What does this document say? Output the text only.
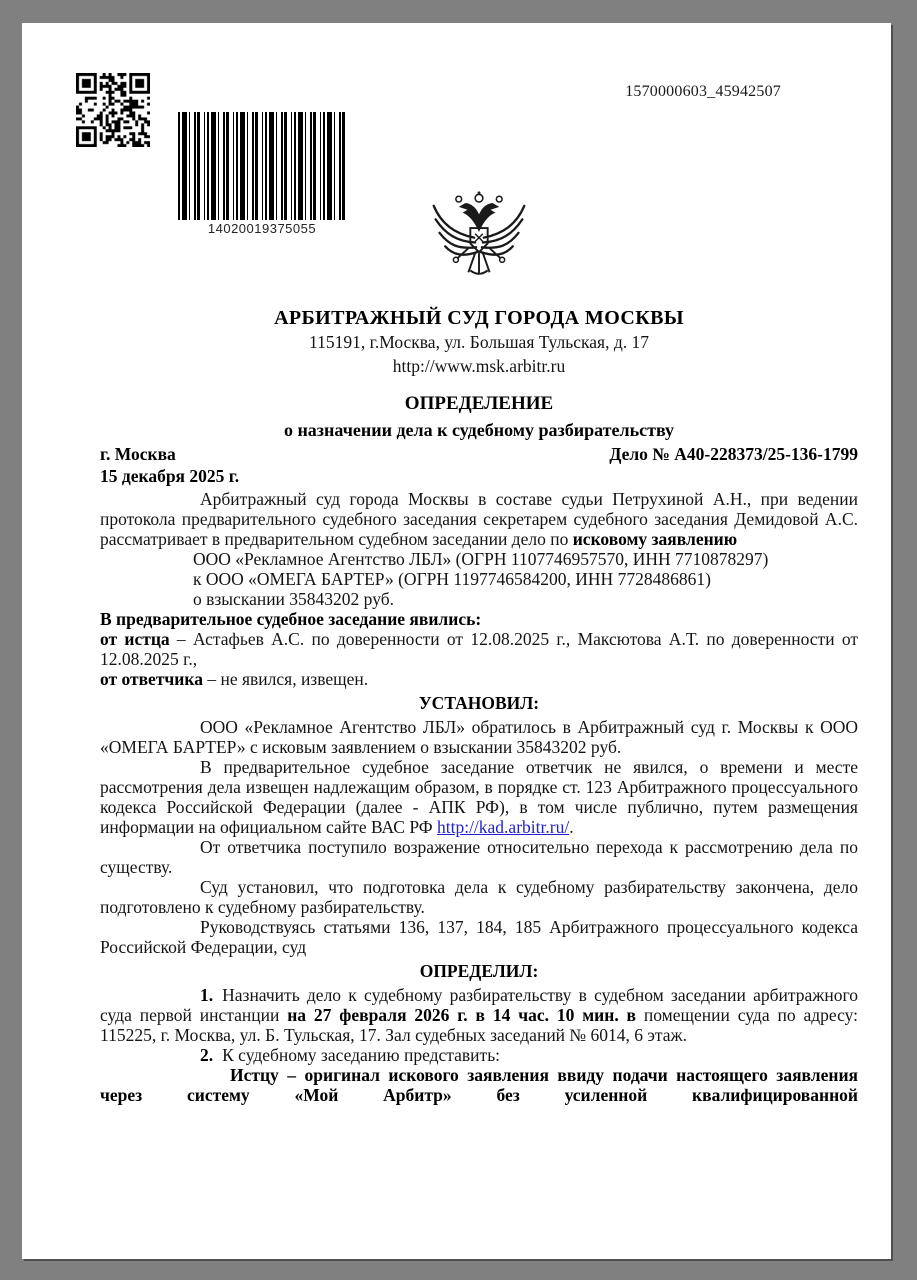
14020019375055
1570000603_45942507
АРБИТРАЖНЫЙ СУД ГОРОДА МОСКВЫ
115191, г.Москва, ул. Большая Тульская, д. 17
http://www.msk.arbitr.ru
ОПРЕДЕЛЕНИЕ
о назначении дела к судебному разбирательству
г. Москва	Дело № А40-228373/25-136-1799
15 декабря 2025 г.

Арбитражный суд города Москвы в составе судьи Петрухиной А.Н., при ведении протокола предварительного судебного заседания секретарем судебного заседания Демидовой А.С. рассматривает в предварительном судебном заседании дело по исковому заявлению

ООО «Рекламное Агентство ЛБЛ» (ОГРН 1107746957570, ИНН 7710878297)
к ООО «ОМЕГА БАРТЕР» (ОГРН 1197746584200, ИНН 7728486861)
о взыскании 35843202 руб.

В предварительное судебное заседание явились:

от истца – Астафьев А.С. по доверенности от 12.08.2025 г., Максютова А.Т. по доверенности от 12.08.2025 г.,

от ответчика – не явился, извещен.

УСТАНОВИЛ:

ООО «Рекламное Агентство ЛБЛ» обратилось в Арбитражный суд г. Москвы к ООО «ОМЕГА БАРТЕР» с исковым заявлением о взыскании 35843202 руб.

В предварительное судебное заседание ответчик не явился, о времени и месте рассмотрения дела извещен надлежащим образом, в порядке ст. 123 Арбитражного процессуального кодекса Российской Федерации (далее - АПК РФ), в том числе публично, путем размещения информации на официальном сайте ВАС РФ http://kad.arbitr.ru/.

От ответчика поступило возражение относительно перехода к рассмотрению дела по существу.

Суд установил, что подготовка дела к судебному разбирательству закончена, дело подготовлено к судебному разбирательству.

Руководствуясь статьями 136, 137, 184, 185 Арбитражного процессуального кодекса Российской Федерации, суд

ОПРЕДЕЛИЛ:

1. Назначить дело к судебному разбирательству в судебном заседании арбитражного суда первой инстанции на 27 февраля 2026 г. в 14 час. 10 мин. в помещении суда по адресу: 115225, г. Москва, ул. Б. Тульская, 17. Зал судебных заседаний № 6014, 6 этаж.

2. К судебному заседанию представить:

Истцу – оригинал искового заявления ввиду подачи настоящего заявления через систему «Мой Арбитр» без усиленной квалифицированной
